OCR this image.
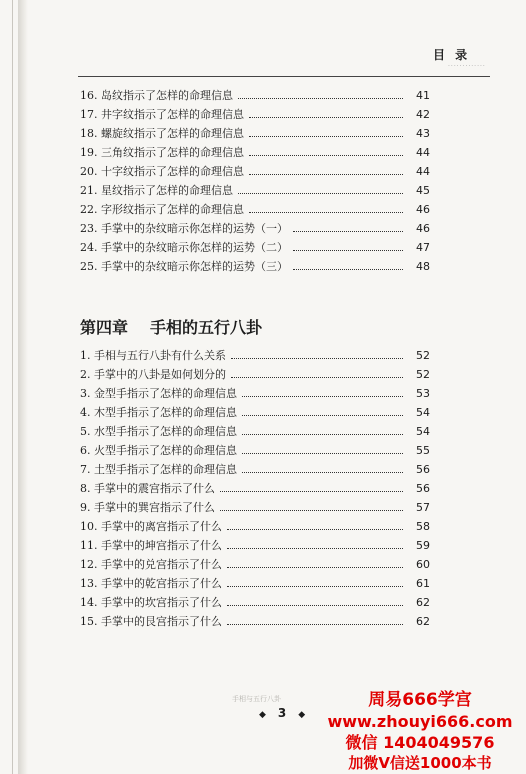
目 录
·············
16. 岛纹指示了怎样的命理信息	41
17. 井字纹指示了怎样的命理信息	42
18. 螺旋纹指示了怎样的命理信息	43
19. 三角纹指示了怎样的命理信息	44
20. 十字纹指示了怎样的命理信息	44
21. 星纹指示了怎样的命理信息	45
22. 字形纹指示了怎样的命理信息	46
23. 手掌中的杂纹暗示你怎样的运势（一）	46
24. 手掌中的杂纹暗示你怎样的运势（二）	47
25. 手掌中的杂纹暗示你怎样的运势（三）	48
第四章 手相的五行八卦
1. 手相与五行八卦有什么关系	52
2. 手掌中的八卦是如何划分的	52
3. 金型手指示了怎样的命理信息	53
4. 木型手指示了怎样的命理信息	54
5. 水型手指示了怎样的命理信息	54
6. 火型手指示了怎样的命理信息	55
7. 土型手指示了怎样的命理信息	56
8. 手掌中的震宫指示了什么	56
9. 手掌中的巽宫指示了什么	57
10. 手掌中的离宫指示了什么	58
11. 手掌中的坤宫指示了什么	59
12. 手掌中的兑宫指示了什么	60
13. 手掌中的乾宫指示了什么	61
14. 手掌中的坎宫指示了什么	62
15. 手掌中的艮宫指示了什么	62
手相与五行八卦
◆ 3 ◆
周易666学宫
www.zhouyi666.com
微信 1404049576
加微V信送1000本书
